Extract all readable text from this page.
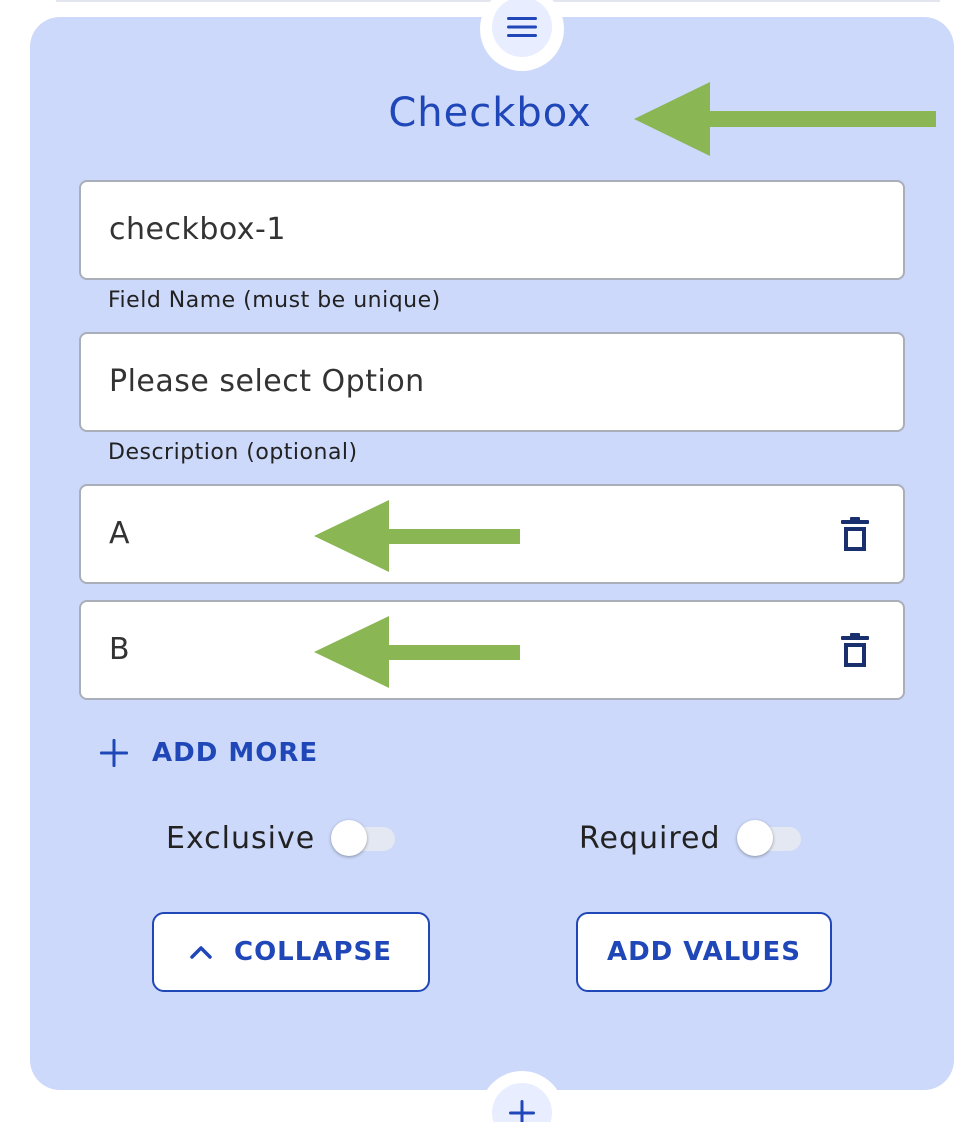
Checkbox
checkbox-1
Field Name (must be unique)
Please select Option
Description (optional)
A
B
ADD MORE
Exclusive	Required
COLLAPSE	ADD VALUES
